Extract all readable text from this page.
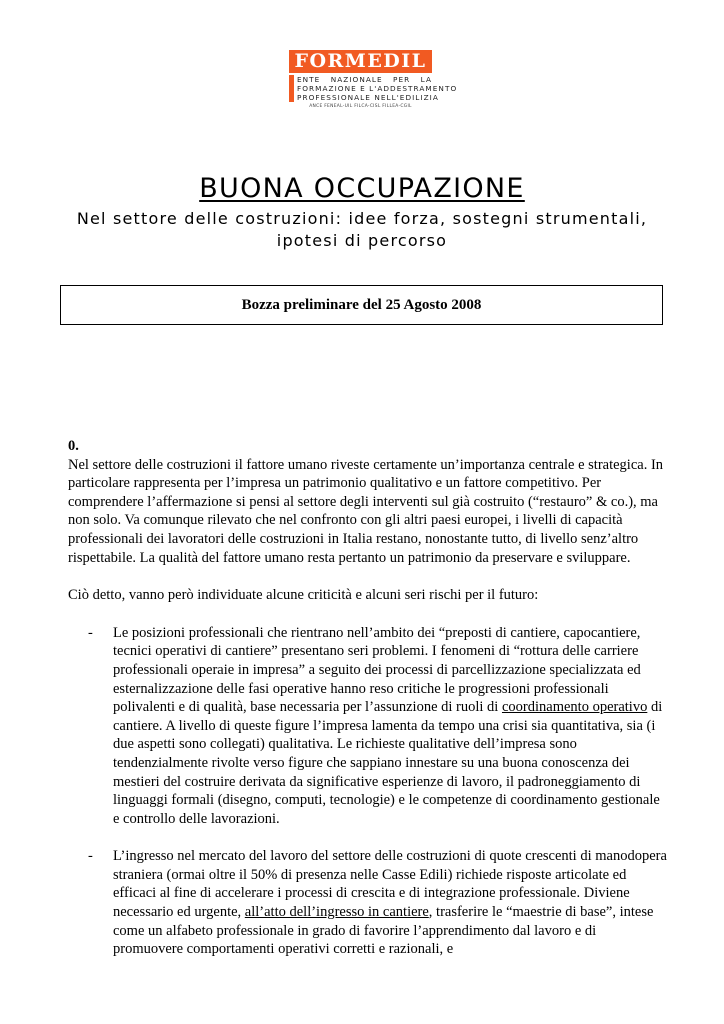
FORMEDIL
ENTE NAZIONALE PER LA
FORMAZIONE E L'ADDESTRAMENTO
PROFESSIONALE NELL'EDILIZIA
ANCE FENEAL-UIL FILCA-CISL FILLEA-CGIL
BUONA OCCUPAZIONE
Nel settore delle costruzioni: idee forza, sostegni strumentali,
ipotesi di percorso
Bozza preliminare del 25 Agosto 2008
0.

Nel settore delle costruzioni il fattore umano riveste certamente un’importanza centrale e strategica. In particolare rappresenta per l’impresa un patrimonio qualitativo e un fattore competitivo. Per comprendere l’affermazione si pensi al settore degli interventi sul già costruito (“restauro” & co.), ma non solo. Va comunque rilevato che nel confronto con gli altri paesi europei, i livelli di capacità professionali dei lavoratori delle costruzioni in Italia restano, nonostante tutto, di livello senz’altro rispettabile. La qualità del fattore umano resta pertanto un patrimonio da preservare e sviluppare.

Ciò detto, vanno però individuate alcune criticità e alcuni seri rischi per il futuro:

- Le posizioni professionali che rientrano nell’ambito dei “preposti di cantiere, capocantiere, tecnici operativi di cantiere” presentano seri problemi. I fenomeni di “rottura delle carriere professionali operaie in impresa” a seguito dei processi di parcellizzazione specializzata ed esternalizzazione delle fasi operative hanno reso critiche le progressioni professionali polivalenti e di qualità, base necessaria per l’assunzione di ruoli di coordinamento operativo di cantiere. A livello di queste figure l’impresa lamenta da tempo una crisi sia quantitativa, sia (i due aspetti sono collegati) qualitativa. Le richieste qualitative dell’impresa sono tendenzialmente rivolte verso figure che sappiano innestare su una buona conoscenza dei mestieri del costruire derivata da significative esperienze di lavoro, il padroneggiamento di linguaggi formali (disegno, computi, tecnologie) e le competenze di coordinamento gestionale e controllo delle lavorazioni.
- L’ingresso nel mercato del lavoro del settore delle costruzioni di quote crescenti di manodopera straniera (ormai oltre il 50% di presenza nelle Casse Edili) richiede risposte articolate ed efficaci al fine di accelerare i processi di crescita e di integrazione professionale. Diviene necessario ed urgente, all’atto dell’ingresso in cantiere, trasferire le “maestrie di base”, intese come un alfabeto professionale in grado di favorire l’apprendimento dal lavoro e di promuovere comportamenti operativi corretti e razionali, e
